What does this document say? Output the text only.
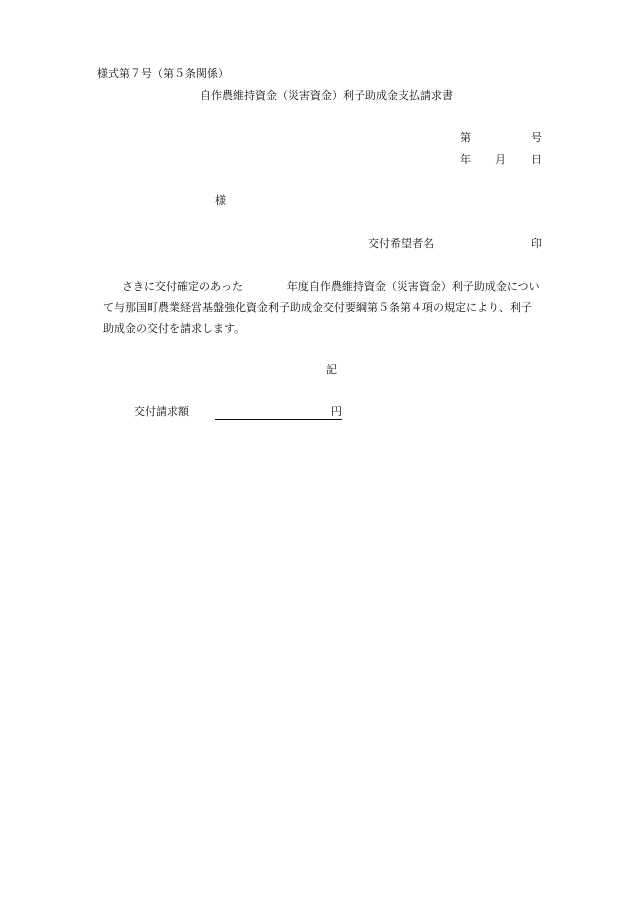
様式第７号（第５条関係）
自作農維持資金（災害資金）利子助成金支払請求書
第	号
年 月 日
様
交付希望者名	印
さきに交付確定のあった	年度自作農維持資金（災害資金）利子助成金につい
て与那国町農業経営基盤強化資金利子助成金交付要綱第５条第４項の規定により、利子
助成金の交付を請求します。
記
交付請求額	円
